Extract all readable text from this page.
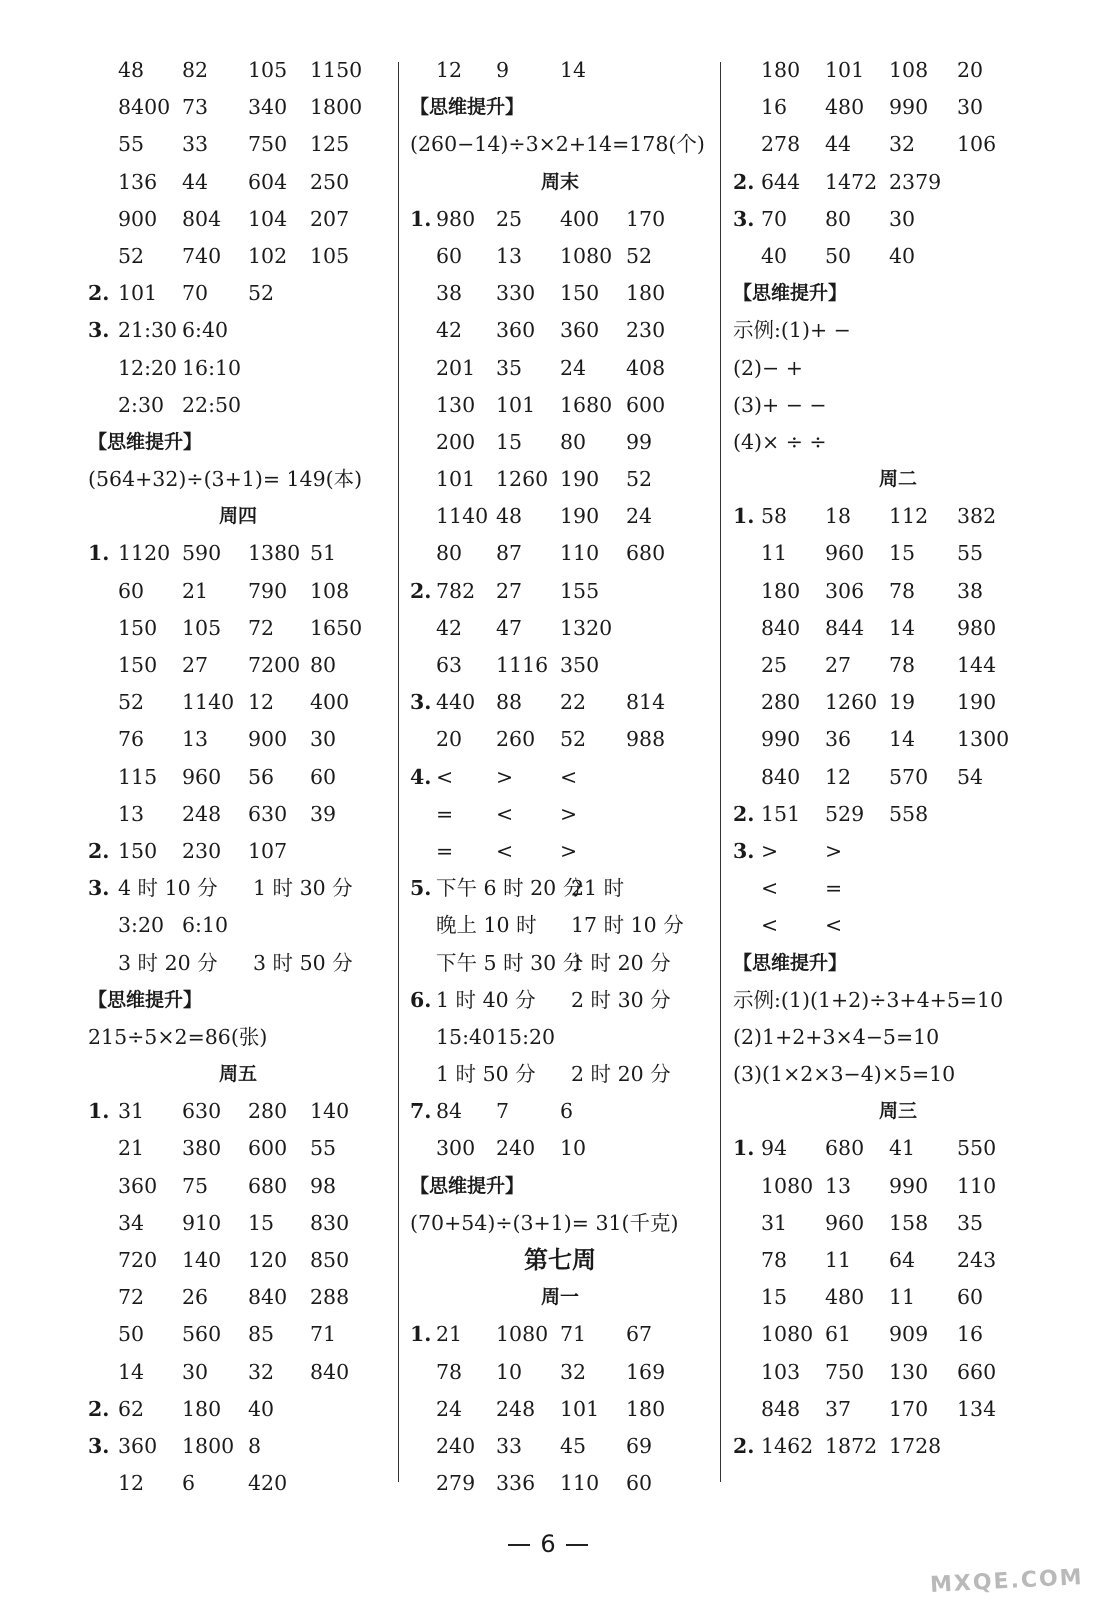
48 82 105 1150
8400 73 340 1800
55 33 750 125
136 44 604 250
900 804 104 207
52 740 102 105
2. 101 70 52
3. 21:30 6:40
12:20 16:10
2:30 22:50
【思维提升】
(564+32)÷(3+1)= 149(本)
周四
1. 1120 590 1380 51
60 21 790 108
150 105 72 1650
150 27 7200 80
52 1140 12 400
76 13 900 30
115 960 56 60
13 248 630 39
2. 150 230 107
3. 4 时 10 分 1 时 30 分
3:20 6:10
3 时 20 分 3 时 50 分
【思维提升】
215÷5×2=86(张)
周五
1. 31 630 280 140
21 380 600 55
360 75 680 98
34 910 15 830
720 140 120 850
72 26 840 288
50 560 85 71
14 30 32 840
2. 62 180 40
3. 360 1800 8
12 6	420
12 9 14
【思维提升】
(260−14)÷3×2+14=178(个)
周末
1. 980 25 400 170
60 13 1080 52
38 330 150 180
42 360 360 230
201 35 24 408
130 101 1680 600
200 15 80 99
101 1260 190 52
1140 48 190 24
80 87 110 680
2. 782 27 155
42 47 1320
63 1116 350
3. 440 88 22 814
20 260 52 988
4. < > <
= < >
= < >
5. 下午 6 时 20 分
21 时
晚上 10 时 17 时 10 分
下午 5 时 30 分
1 时 20 分
6. 1 时 40 分 2 时 30 分
15:40 15:20
1 时 50 分 2 时 20 分
7. 84 7 6
300 240 10
【思维提升】
(70+54)÷(3+1)= 31(千克)
第七周
周一
1. 21 1080 71 67
78 10 32 169
24 248 101 180
240 33 45 69
279 336 110 60
180 101 108 20
16 480 990 30
278 44 32 106
2. 644 1472 2379
3. 70 80 30
40 50 40
【思维提升】
示例:(1)+ −
(2)− +
(3)+ − −
(4)× ÷ ÷
周二
1. 58 18 112 382
11 960 15 55
180 306 78 38
840 844 14 980
25 27 78 144
280 1260 19 190
990 36 14 1300
840 12 570 54
2. 151 529 558
3. > >
< =
< <
【思维提升】
示例:(1)(1+2)÷3+4+5=10
(2)1+2+3×4−5=10
(3)(1×2×3−4)×5=10
周三
1. 94 680 41 550
1080 13 990 110
31 960 158 35
78 11 64 243
15 480 11 60
1080 61 909 16
103 750 130 660
848 37 170 134
2. 1462 1872 1728
6
MXQE.COM
